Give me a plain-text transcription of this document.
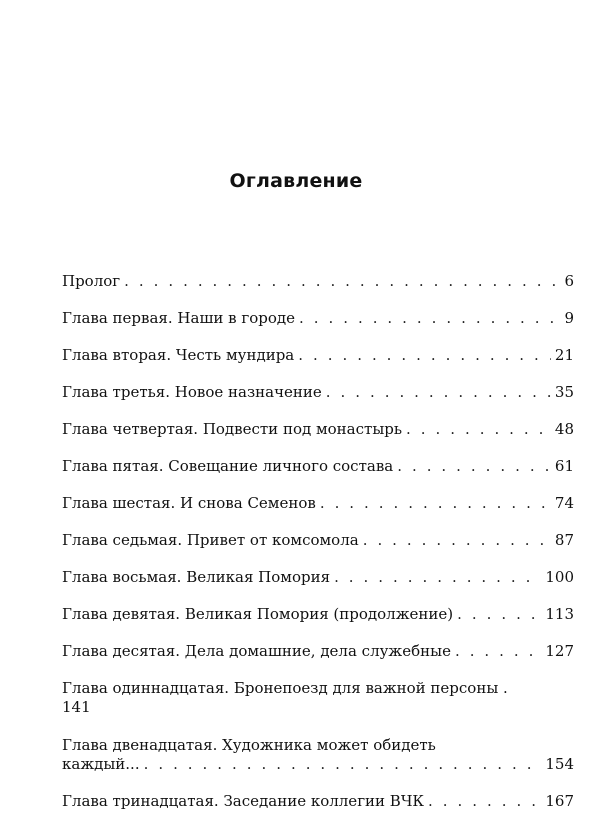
Оглавление
Пролог . . .	6
Глава первая. Наши в городе . . .	9
Глава вторая. Честь мундира . . .	21
Глава третья. Новое назначение . . .	35
Глава четвертая. Подвести под монастырь . . .	48
Глава пятая. Совещание личного состава . . .	61
Глава шестая. И снова Семенов . . .	74
Глава седьмая. Привет от комсомола . . .	87
Глава восьмая. Великая Помория . . .	100
Глава девятая. Великая Помория (продолжение) . . .	113
Глава десятая. Дела домашние, дела служебные . . .	127
Глава одиннадцатая. Бронепоезд для важной персоны .
141
Глава двенадцатая. Художника может обидеть
каждый... . . .	154
Глава тринадцатая. Заседание коллегии ВЧК . . .	167
